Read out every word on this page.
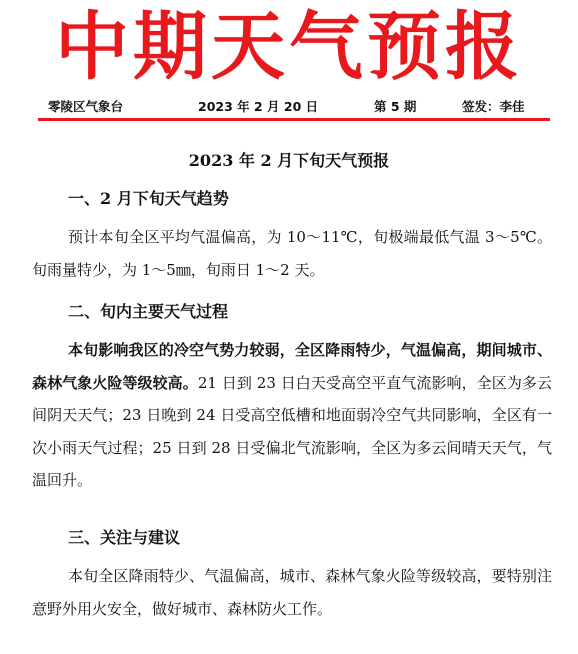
中期天气预报
零陵区气象台	2023 年 2 月 20 日	第 5 期	签发：李佳
2023 年 2 月下旬天气预报
一、2 月下旬天气趋势

预计本旬全区平均气温偏高，为 10～11℃，旬极端最低气温 3～5℃。旬雨量特少，为 1～5㎜，旬雨日 1～2 天。

二、旬内主要天气过程

本旬影响我区的冷空气势力较弱，全区降雨特少，气温偏高，期间城市、森林气象火险等级较高。21 日到 23 日白天受高空平直气流影响，全区为多云间阴天天气；23 日晚到 24 日受高空低槽和地面弱冷空气共同影响，全区有一次小雨天气过程；25 日到 28 日受偏北气流影响，全区为多云间晴天天气，气温回升。

三、关注与建议

本旬全区降雨特少、气温偏高，城市、森林气象火险等级较高，要特别注意野外用火安全，做好城市、森林防火工作。
